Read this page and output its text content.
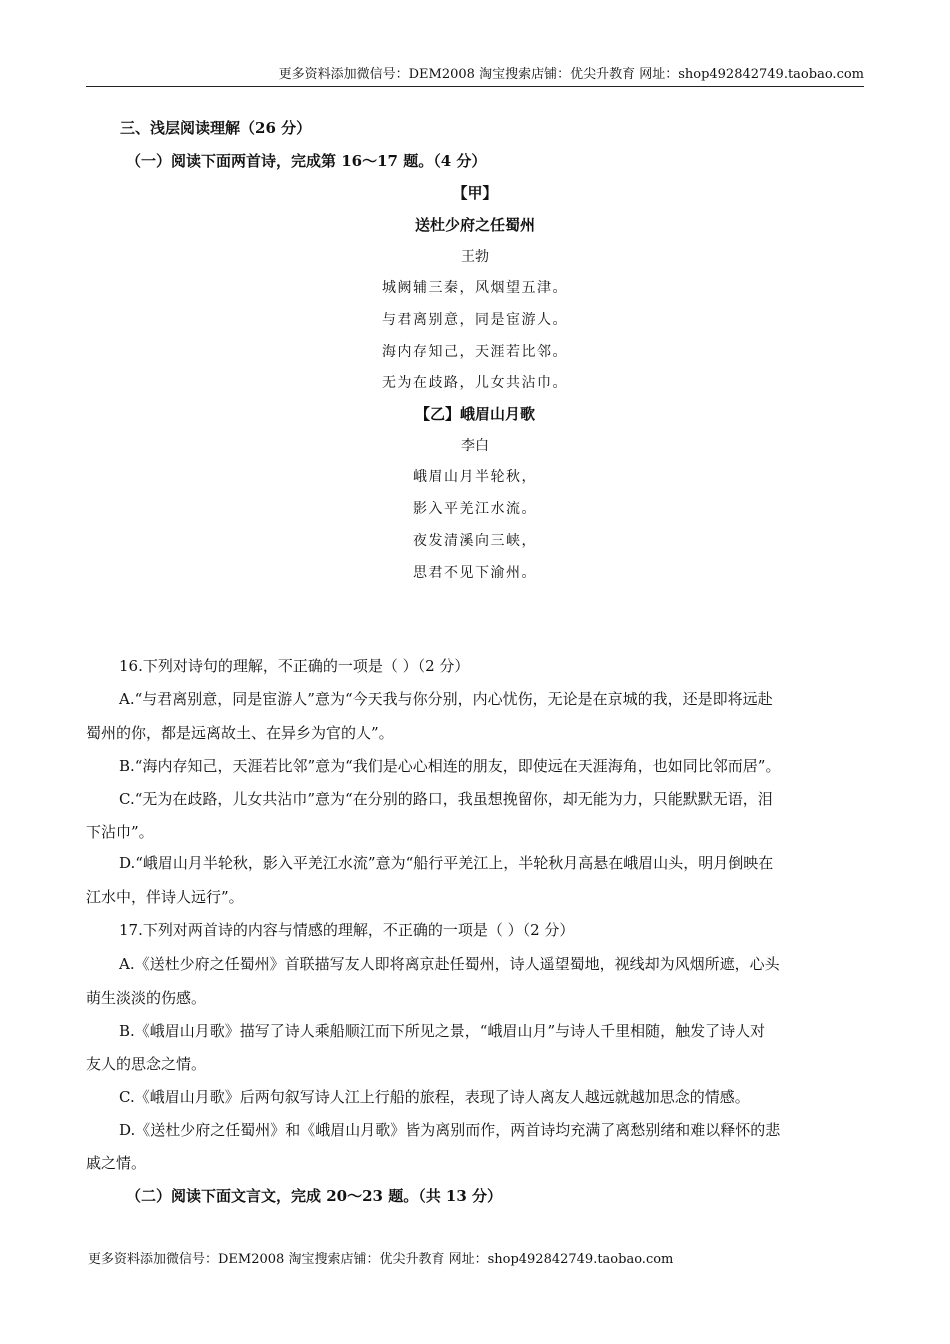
更多资料添加微信号：DEM2008 淘宝搜索店铺：优尖升教育 网址：shop492842749.taobao.com
三、浅层阅读理解（26 分）
（一）阅读下面两首诗，完成第 16～17 题。（4 分）
【甲】
送杜少府之任蜀州
王勃
城阙辅三秦，风烟望五津。
与君离别意，同是宦游人。
海内存知己，天涯若比邻。
无为在歧路，儿女共沾巾。
【乙】峨眉山月歌
李白
峨眉山月半轮秋，
影入平羌江水流。
夜发清溪向三峡，
思君不见下渝州。
16.下列对诗句的理解，不正确的一项是（ ）（2 分）
A.“与君离别意，同是宦游人”意为“今天我与你分别，内心忧伤，无论是在京城的我，还是即将远赴
蜀州的你，都是远离故土、在异乡为官的人”。
B.“海内存知己，天涯若比邻”意为“我们是心心相连的朋友，即使远在天涯海角，也如同比邻而居”。
C.“无为在歧路，儿女共沾巾”意为“在分别的路口，我虽想挽留你，却无能为力，只能默默无语，泪
下沾巾”。
D.“峨眉山月半轮秋，影入平羌江水流”意为“船行平羌江上，半轮秋月高悬在峨眉山头，明月倒映在
江水中，伴诗人远行”。
17.下列对两首诗的内容与情感的理解，不正确的一项是（ ）（2 分）
A.《送杜少府之任蜀州》首联描写友人即将离京赴任蜀州，诗人遥望蜀地，视线却为风烟所遮，心头
萌生淡淡的伤感。
B.《峨眉山月歌》描写了诗人乘船顺江而下所见之景，“峨眉山月”与诗人千里相随，触发了诗人对
友人的思念之情。
C.《峨眉山月歌》后两句叙写诗人江上行船的旅程，表现了诗人离友人越远就越加思念的情感。
D.《送杜少府之任蜀州》和《峨眉山月歌》皆为离别而作，两首诗均充满了离愁别绪和难以释怀的悲
戚之情。
（二）阅读下面文言文，完成 20～23 题。（共 13 分）
更多资料添加微信号：DEM2008 淘宝搜索店铺：优尖升教育 网址：shop492842749.taobao.com
